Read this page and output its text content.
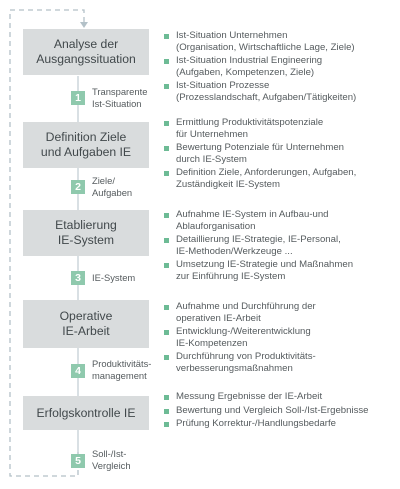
Analyse der
Ausgangssituation
Ist-Situation Unternehmen
(Organisation, Wirtschaftliche Lage, Ziele)
Ist-Situation Industrial Engineering
(Aufgaben, Kompetenzen, Ziele)
Ist-Situation Prozesse
(Prozesslandschaft, Aufgaben/Tätigkeiten)
1
Transparente
Ist-Situation
Definition Ziele
und Aufgaben IE
Ermittlung Produktivitätspotenziale
für Unternehmen
Bewertung Potenziale für Unternehmen
durch IE-System
Definition Ziele, Anforderungen, Aufgaben,
Zuständigkeit IE-System
2
Ziele/
Aufgaben
Etablierung
IE-System
Aufnahme IE-System in Aufbau-und
Ablauforganisation
Detaillierung IE-Strategie, IE-Personal,
IE-Methoden/Werkzeuge ...
Umsetzung IE-Strategie und Maßnahmen
zur Einführung IE-System
3	IE-System
Operative
IE-Arbeit
Aufnahme und Durchführung der
operativen IE-Arbeit
Entwicklung-/Weiterentwicklung
IE-Kompetenzen
Durchführung von Produktivitäts-
verbesserungsmaßnahmen
4
Produktivitäts-
management
Erfolgskontrolle IE
Messung Ergebnisse der IE-Arbeit
Bewertung und Vergleich Soll-/Ist-Ergebnisse
Prüfung Korrektur-/Handlungsbedarfe
5
Soll-/Ist-
Vergleich
